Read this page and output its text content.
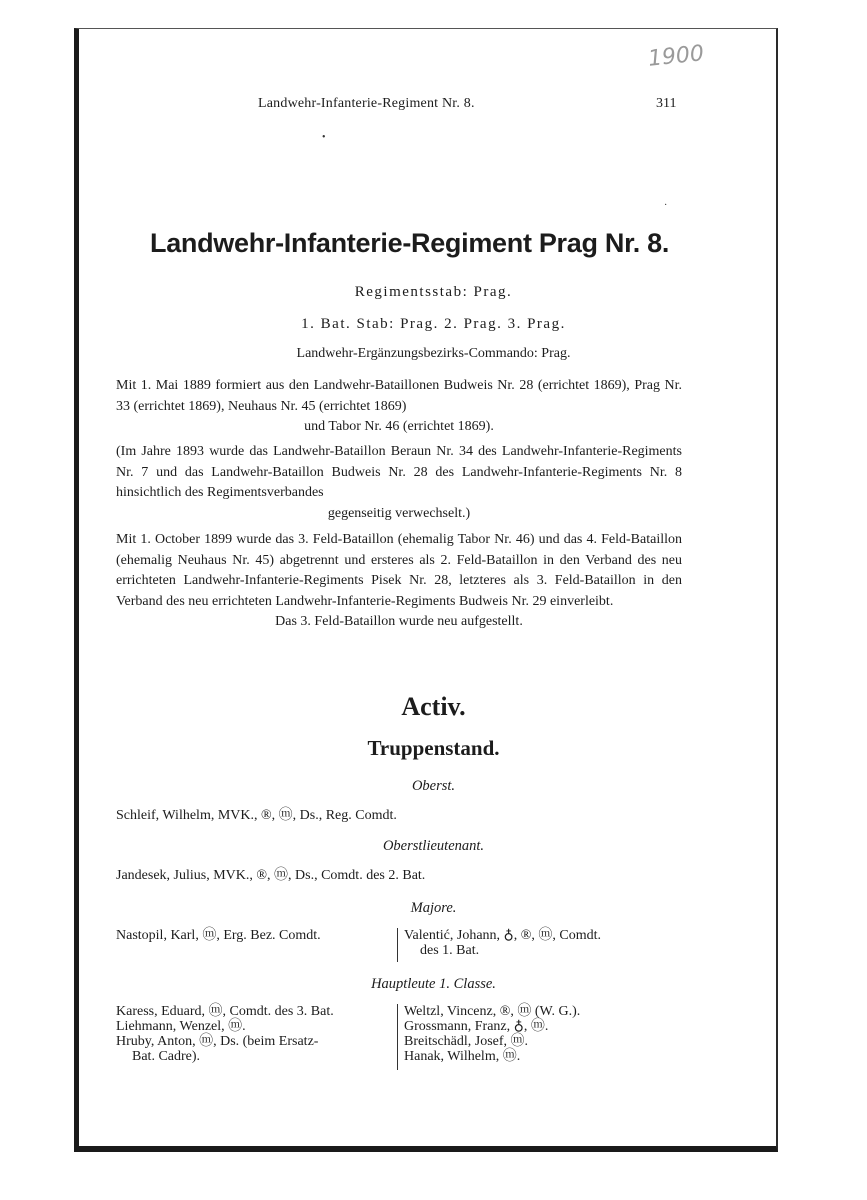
1900
Landwehr-Infanterie-Regiment Nr. 8.	311
•
·
Landwehr-Infanterie-Regiment Prag Nr. 8.
Regimentsstab: Prag.
1. Bat. Stab: Prag. 2. Prag. 3. Prag.
Landwehr-Ergänzungsbezirks-Commando: Prag.
Mit 1. Mai 1889 formiert aus den Landwehr-Bataillonen Budweis Nr. 28 (errichtet 1869), Prag Nr. 33 (errichtet 1869), Neuhaus Nr. 45 (errichtet 1869)
und Tabor Nr. 46 (errichtet 1869).
(Im Jahre 1893 wurde das Landwehr-Bataillon Beraun Nr. 34 des Landwehr-Infanterie-Regiments Nr. 7 und das Landwehr-Bataillon Budweis Nr. 28 des Landwehr-Infanterie-Regiments Nr. 8 hinsichtlich des Regimentsverbandes
gegenseitig verwechselt.)
Mit 1. October 1899 wurde das 3. Feld-Bataillon (ehemalig Tabor Nr. 46) und das 4. Feld-Bataillon (ehemalig Neuhaus Nr. 45) abgetrennt und ersteres als 2. Feld-Bataillon in den Verband des neu errichteten Landwehr-Infanterie-Regiments Pisek Nr. 28, letzteres als 3. Feld-Bataillon in den Verband des neu errichteten Landwehr-Infanterie-Regiments Budweis Nr. 29 einverleibt.
Das 3. Feld-Bataillon wurde neu aufgestellt.
Activ.
Truppenstand.
Oberst.
Schleif, Wilhelm, MVK., ®, ⓜ, Ds., Reg. Comdt.
Oberstlieutenant.
Jandesek, Julius, MVK., ®, ⓜ, Ds., Comdt. des 2. Bat.
Majore.
Nastopil, Karl, ⓜ, Erg. Bez. Comdt.	Valentić, Johann, ♁, ®, ⓜ, Comdt.
des 1. Bat.
Hauptleute 1. Classe.
Karess, Eduard, ⓜ, Comdt. des 3. Bat.
Liehmann, Wenzel, ⓜ.
Hruby, Anton, ⓜ, Ds. (beim Ersatz-
Bat. Cadre).
Weltzl, Vincenz, ®, ⓜ (W. G.).
Grossmann, Franz, ♁, ⓜ.
Breitschädl, Josef, ⓜ.
Hanak, Wilhelm, ⓜ.
